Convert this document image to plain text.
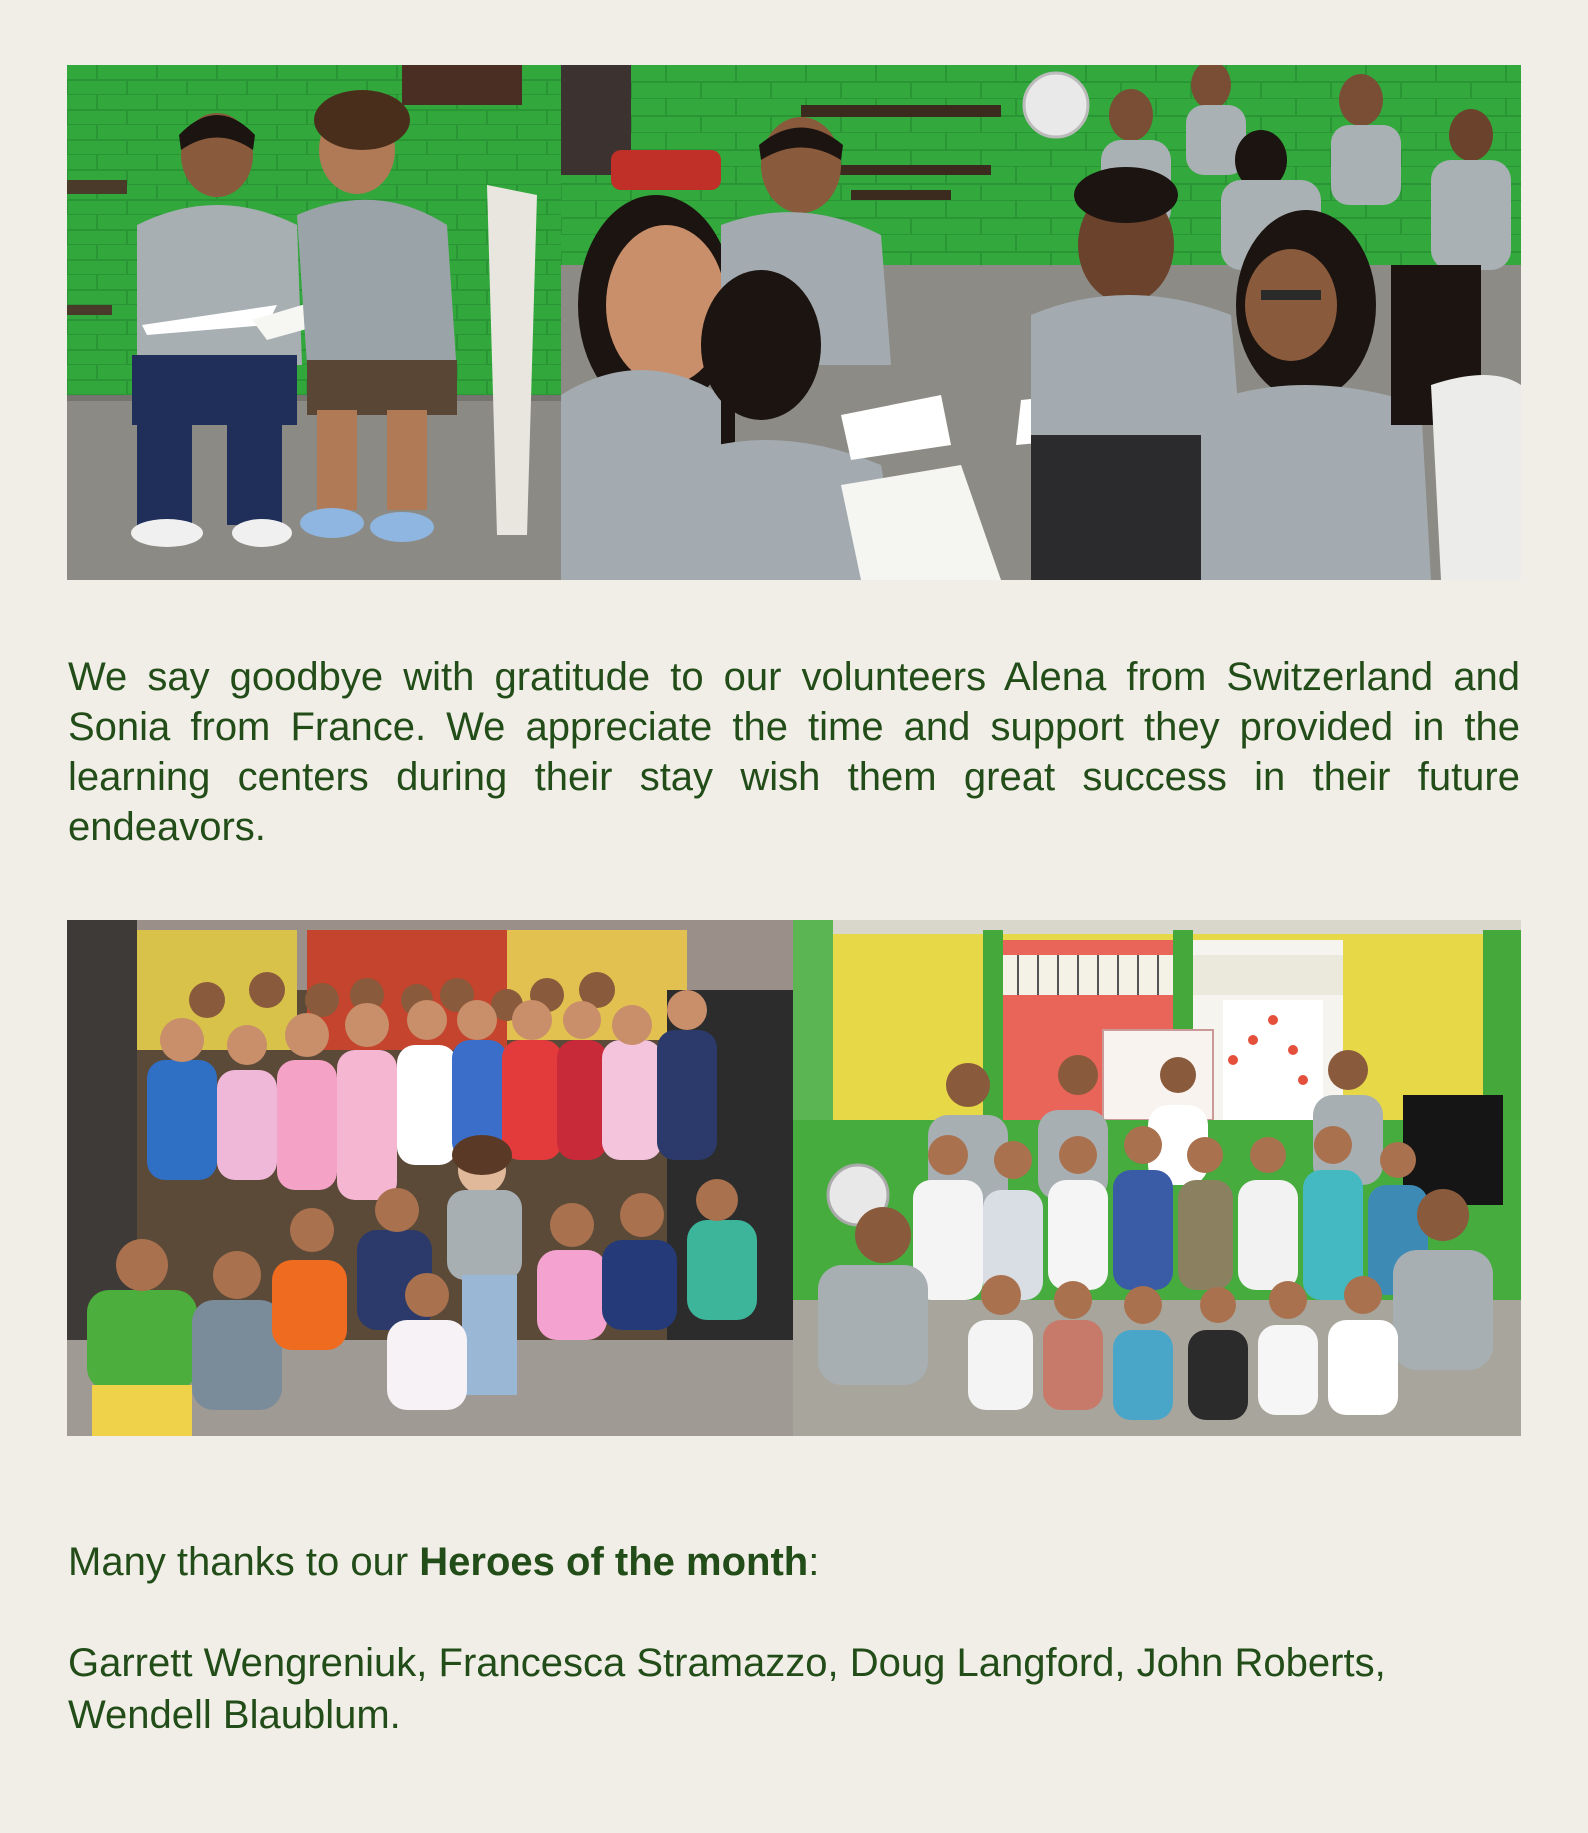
We say goodbye with gratitude to our volunteers Alena from Switzerland and Sonia from France. We appreciate the time and support they provided in the learning centers during their stay wish them great success in their future endeavors.

Many thanks to our Heroes of the month:

Garrett Wengreniuk, Francesca Stramazzo, Doug Langford, John Roberts, Wendell Blaublum.
